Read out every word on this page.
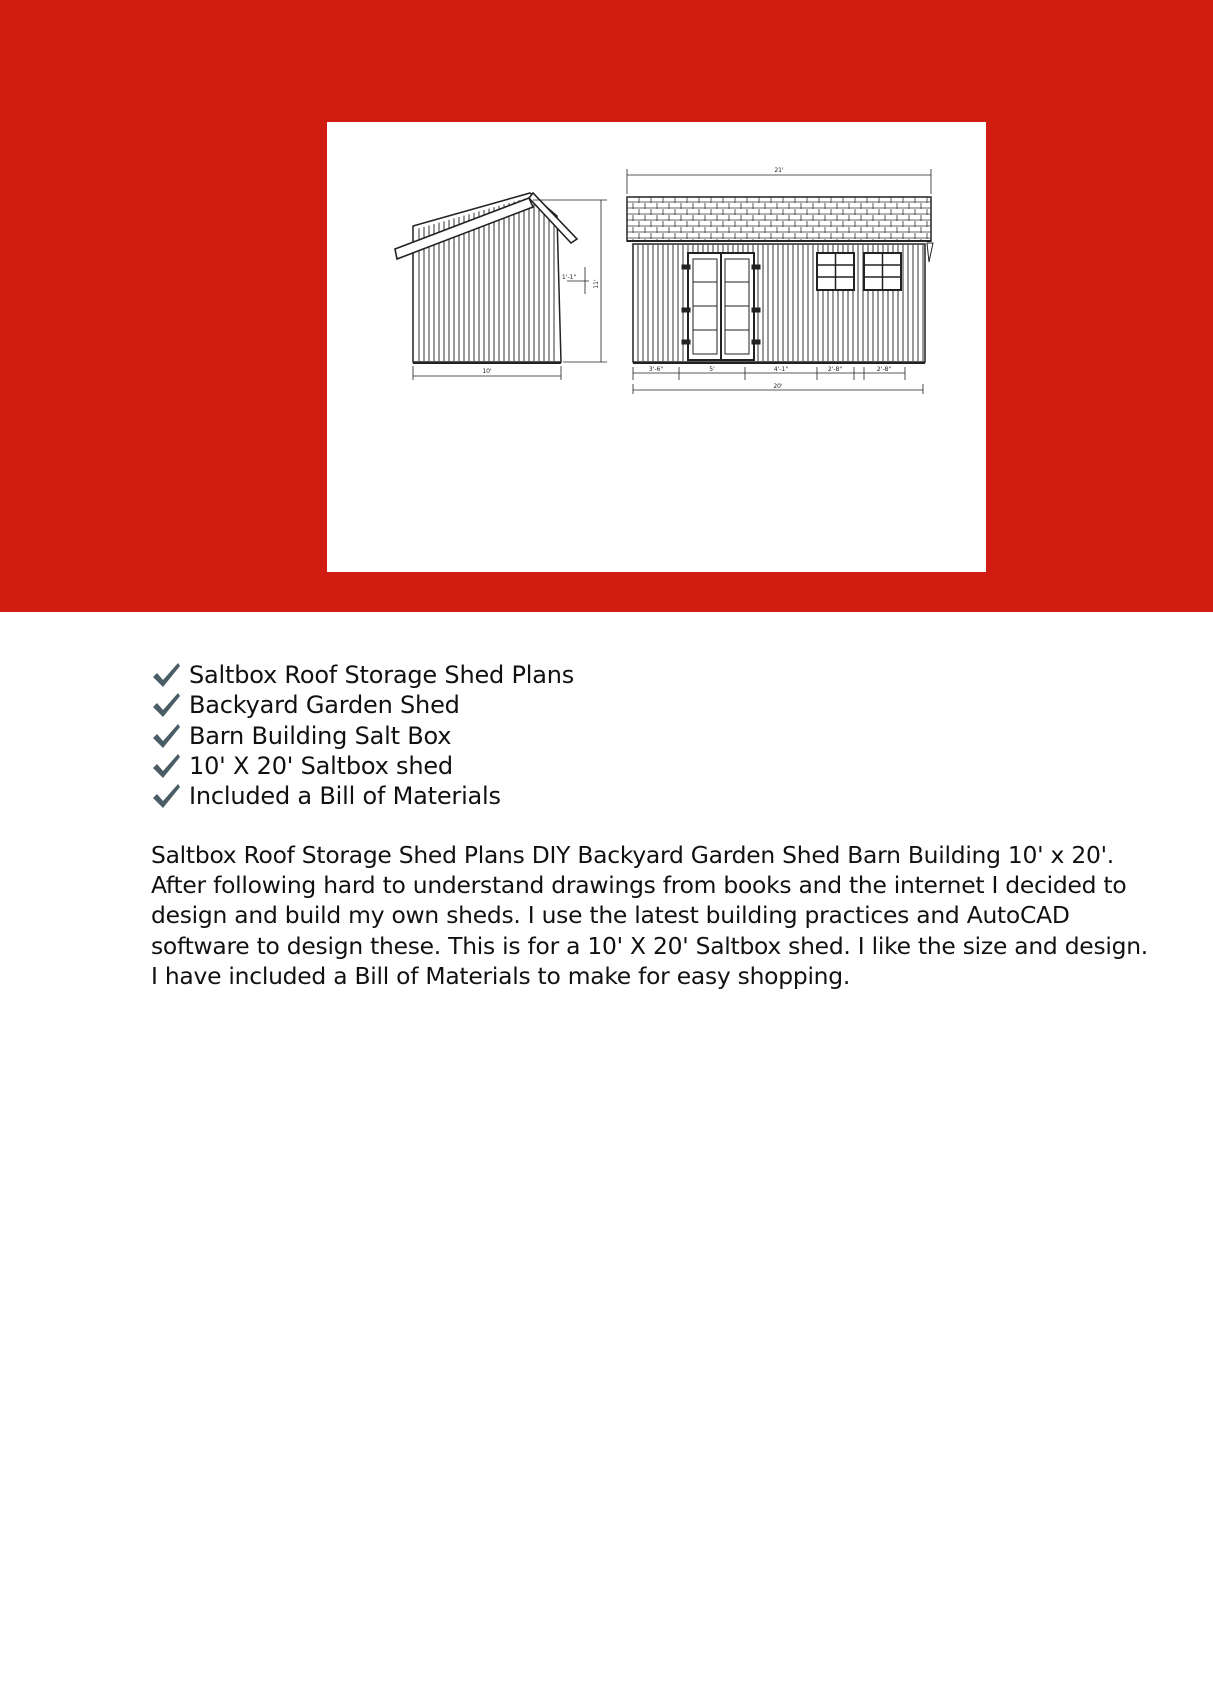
10'
1'-1"
11'
21'
3'-6"	5'	4'-1"	2'-8"	2'-8"
20'
Saltbox Roof Storage Shed Plans
Backyard Garden Shed
Barn Building Salt Box
10' X 20' Saltbox shed
Included a Bill of Materials

Saltbox Roof Storage Shed Plans DIY Backyard Garden Shed Barn Building 10' x 20'. After following hard to understand drawings from books and the internet I decided to design and build my own sheds. I use the latest building practices and AutoCAD software to design these. This is for a 10' X 20' Saltbox shed. I like the size and design. I have included a Bill of Materials to make for easy shopping.
